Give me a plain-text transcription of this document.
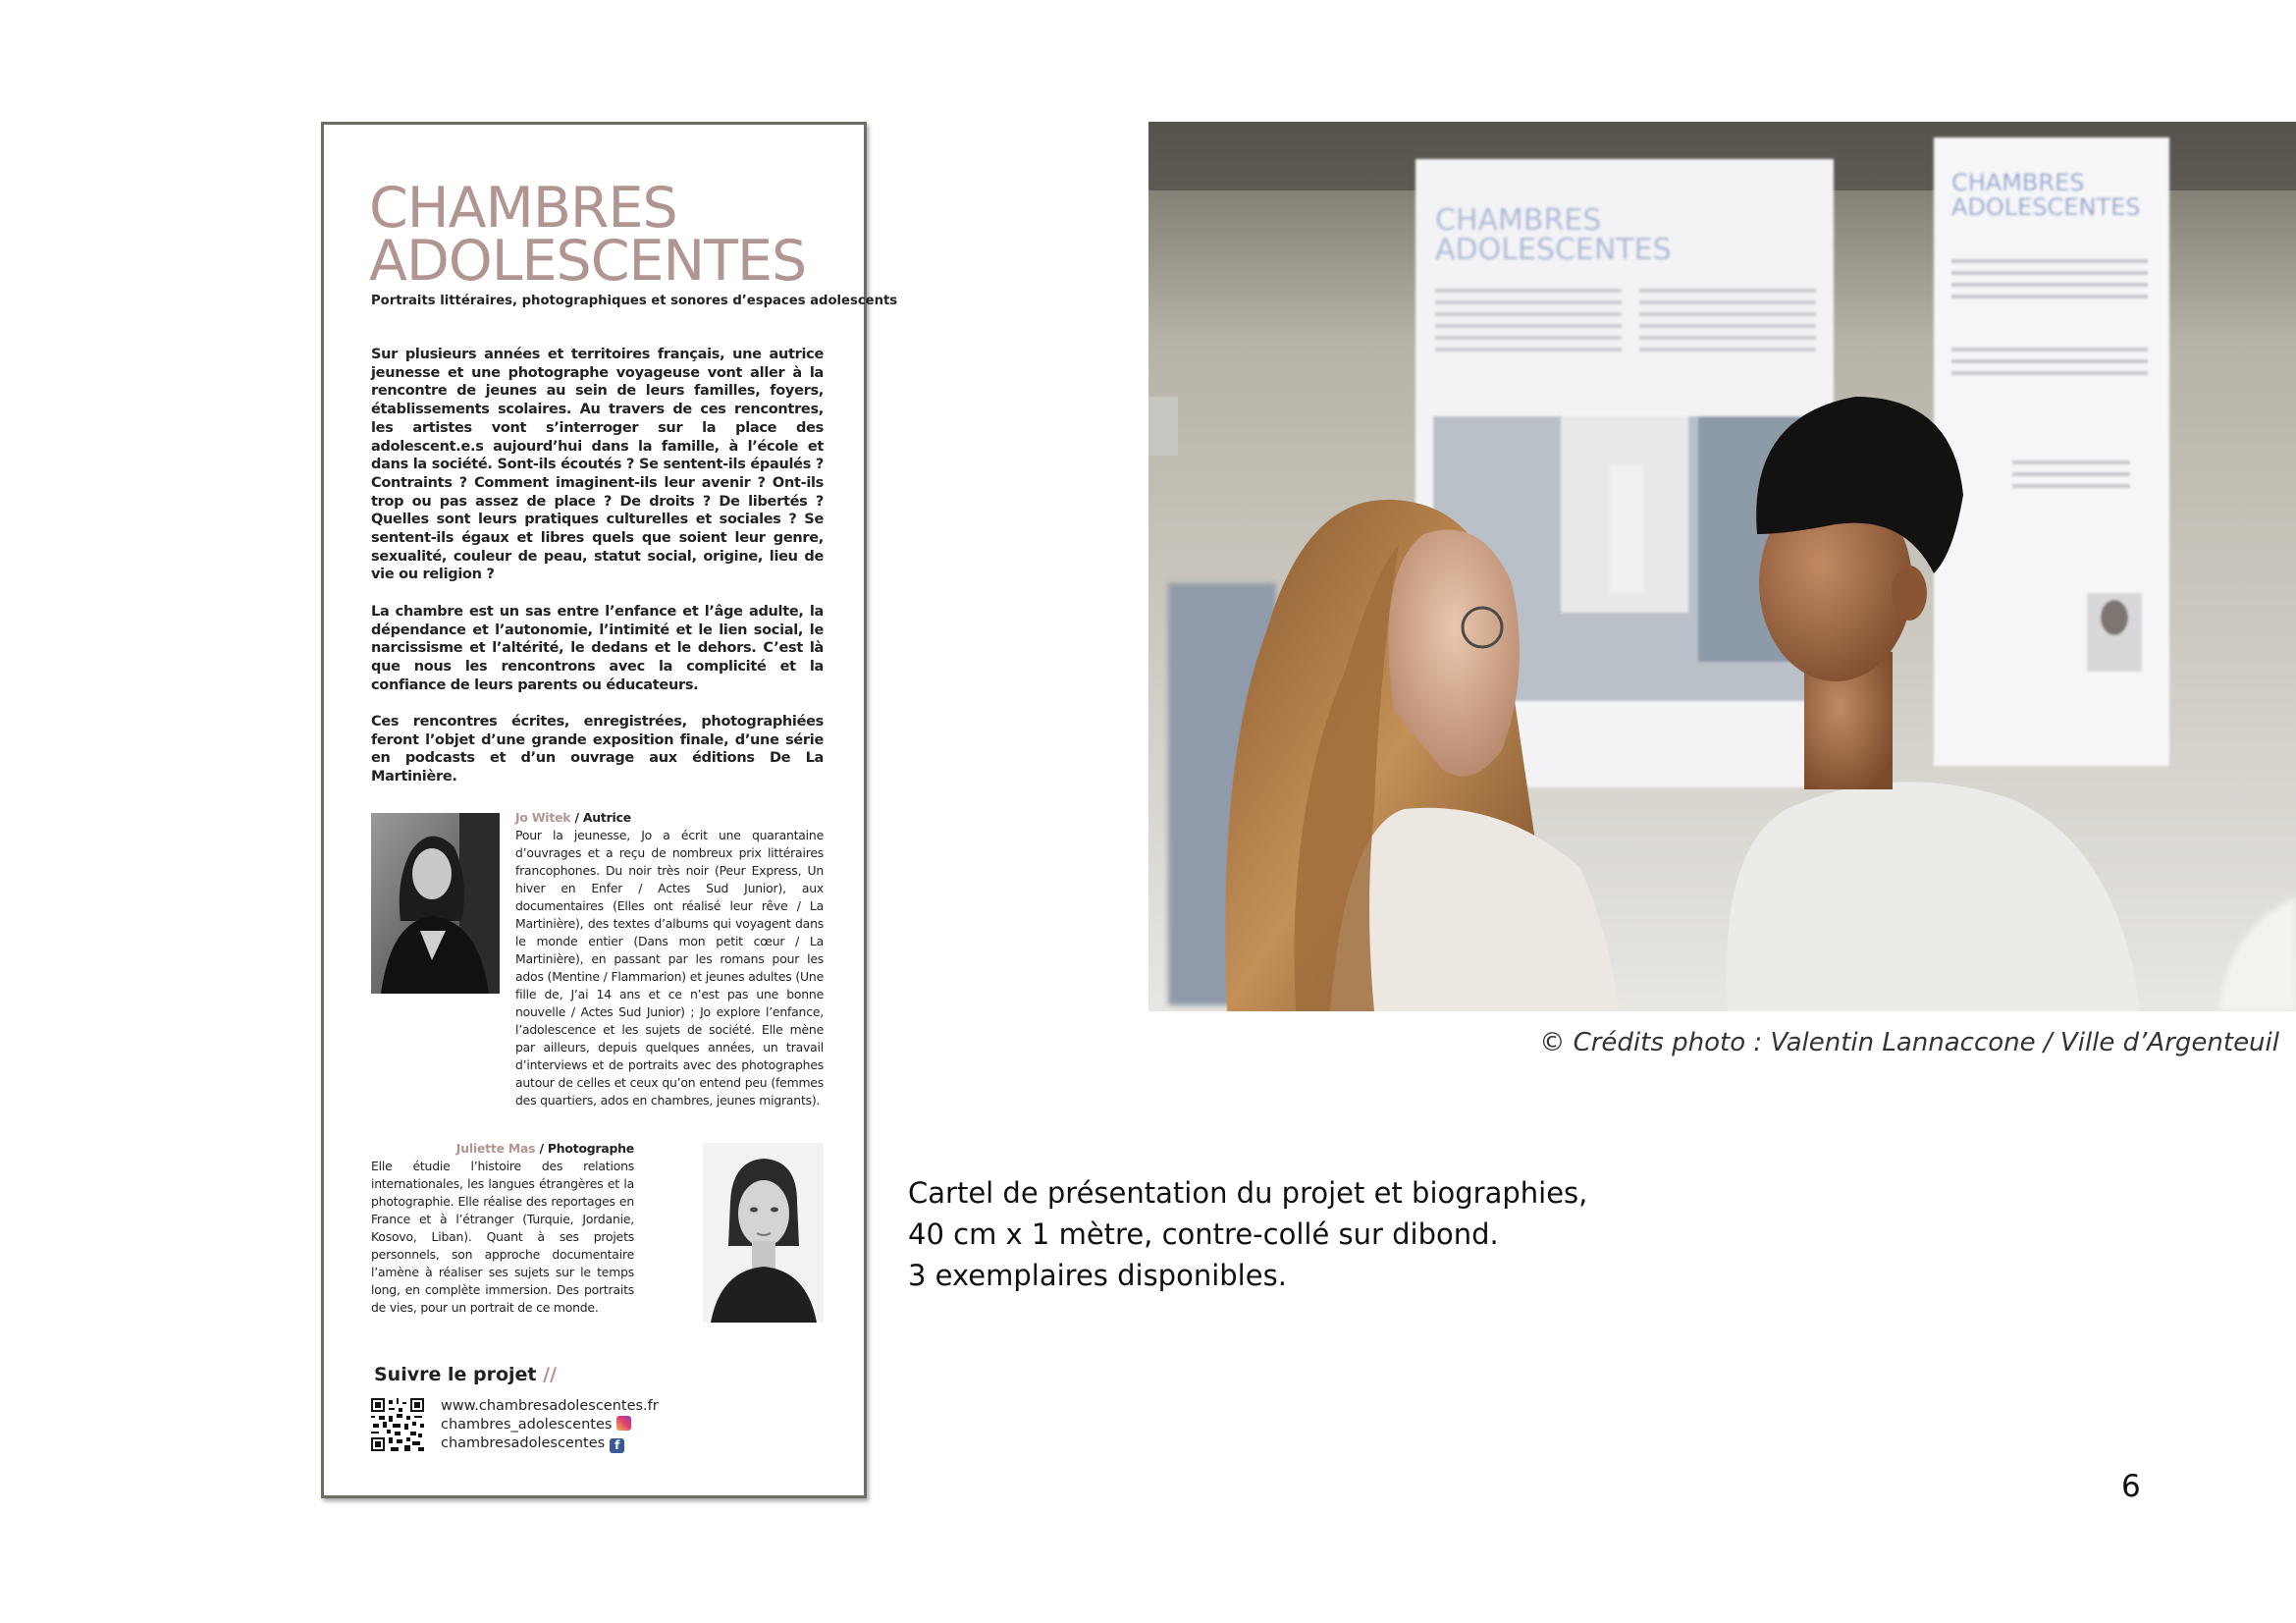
CHAMBRES
ADOLESCENTES
Portraits littéraires, photographiques et sonores d’espaces adolescents

Sur plusieurs années et territoires français, une autrice jeunesse et une photographe voyageuse vont aller à la rencontre de jeunes au sein de leurs familles, foyers, établissements scolaires. Au travers de ces rencontres, les artistes vont s’interroger sur la place des adolescent.e.s aujourd’hui dans la famille, à l’école et dans la société. Sont-ils écoutés ? Se sentent-ils épaulés ? Contraints ? Comment imaginent-ils leur avenir ? Ont-ils trop ou pas assez de place ? De droits ? De libertés ? Quelles sont leurs pratiques culturelles et sociales ? Se sentent-ils égaux et libres quels que soient leur genre, sexualité, couleur de peau, statut social, origine, lieu de vie ou religion ?

La chambre est un sas entre l’enfance et l’âge adulte, la dépendance et l’autonomie, l’intimité et le lien social, le narcissisme et l’altérité, le dedans et le dehors. C’est là que nous les rencontrons avec la complicité et la confiance de leurs parents ou éducateurs.

Ces rencontres écrites, enregistrées, photographiées feront l’objet d’une grande exposition finale, d’une série en podcasts et d’un ouvrage aux éditions De La Martinière.

Jo Witek / Autrice
Pour la jeunesse, Jo a écrit une quarantaine d’ouvrages et a reçu de nombreux prix littéraires francophones. Du noir très noir (Peur Express, Un hiver en Enfer / Actes Sud Junior), aux documentaires (Elles ont réalisé leur rêve / La Martinière), des textes d’albums qui voyagent dans le monde entier (Dans mon petit cœur / La Martinière), en passant par les romans pour les ados (Mentine / Flammarion) et jeunes adultes (Une fille de, J’ai 14 ans et ce n’est pas une bonne nouvelle / Actes Sud Junior) ; Jo explore l’enfance, l’adolescence et les sujets de société. Elle mène par ailleurs, depuis quelques années, un travail d’interviews et de portraits avec des photographes autour de celles et ceux qu’on entend peu (femmes des quartiers, ados en chambres, jeunes migrants).
Juliette Mas / Photographe
Elle étudie l’histoire des relations internationales, les langues étrangères et la photographie. Elle réalise des reportages en France et à l’étranger (Turquie, Jordanie, Kosovo, Liban). Quant à ses projets personnels, son approche documentaire l’amène à réaliser ses sujets sur le temps long, en complète immersion. Des portraits de vies, pour un portrait de ce monde.
Suivre le projet //
www.chambresadolescentes.fr
chambres_adolescentes
chambresadolescentes f
CHAMBRES
ADOLESCENTES
CHAMBRES
ADOLESCENTES
© Crédits photo : Valentin Lannaccone / Ville d’Argenteuil
Cartel de présentation du projet et biographies,
40 cm x 1 mètre, contre-collé sur dibond.
3 exemplaires disponibles.
6
